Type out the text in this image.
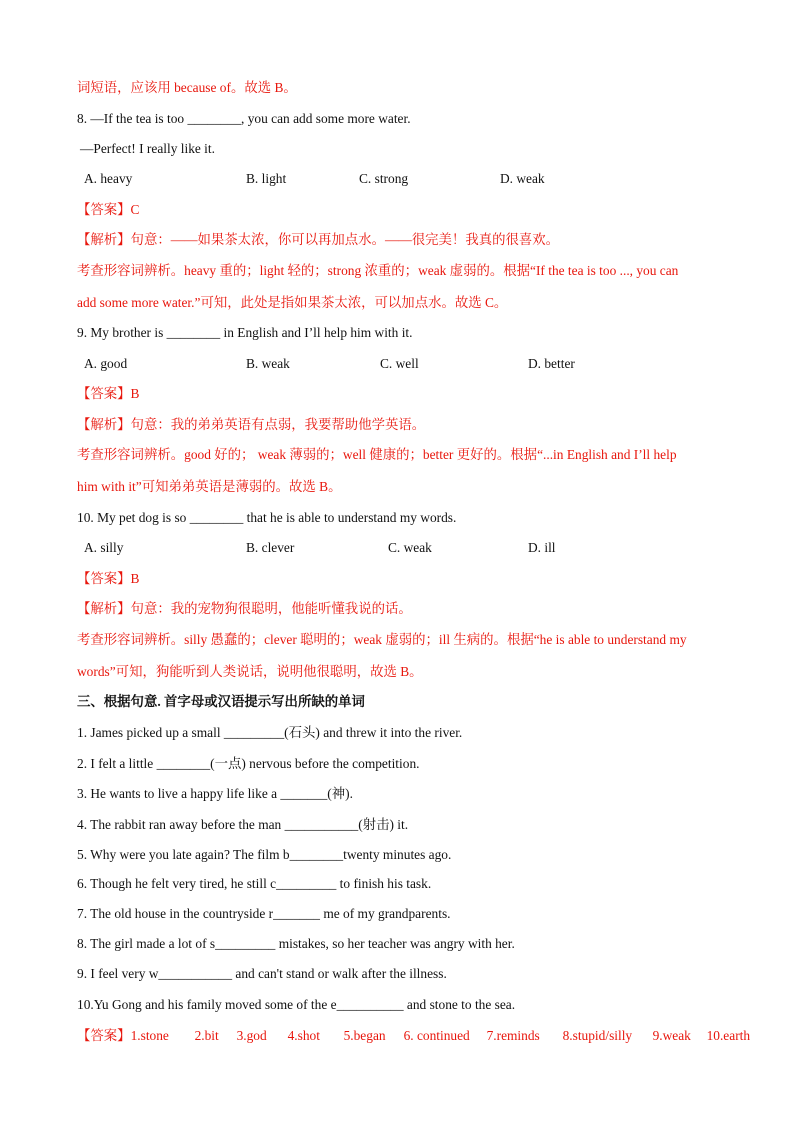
词短语，应该用 because of。故选 B。
8. —If the tea is too ________, you can add some more water.
—Perfect! I really like it.
A. heavy	B. light	C. strong	D. weak
【答案】C
【解析】句意：——如果茶太浓，你可以再加点水。——很完美！我真的很喜欢。
考查形容词辨析。heavy 重的；light 轻的；strong 浓重的；weak 虚弱的。根据“If the tea is too ..., you can
add some more water.”可知，此处是指如果茶太浓，可以加点水。故选 C。
9. My brother is ________ in English and I’ll help him with it.
A. good	B. weak	C. well	D. better
【答案】B
【解析】句意：我的弟弟英语有点弱，我要帮助他学英语。
考查形容词辨析。good 好的； weak 薄弱的；well 健康的；better 更好的。根据“...in English and I’ll help
him with it”可知弟弟英语是薄弱的。故选 B。
10. My pet dog is so ________ that he is able to understand my words.
A. silly	B. clever	C. weak	D. ill
【答案】B
【解析】句意：我的宠物狗很聪明，他能听懂我说的话。
考查形容词辨析。silly 愚蠢的；clever 聪明的；weak 虚弱的；ill 生病的。根据“he is able to understand my
words”可知，狗能听到人类说话，说明他很聪明，故选 B。
三、根据句意. 首字母或汉语提示写出所缺的单词
1. James picked up a small _________(石头) and threw it into the river.
2. I felt a little ________(一点) nervous before the competition.
3. He wants to live a happy life like a _______(神).
4. The rabbit ran away before the man ___________(射击) it.
5. Why were you late again? The film b________twenty minutes ago.
6. Though he felt very tired, he still c_________ to finish his task.
7. The old house in the countryside r_______ me of my grandparents.
8. The girl made a lot of s_________ mistakes, so her teacher was angry with her.
9. I feel very w___________ and can't stand or walk after the illness.
10.Yu Gong and his family moved some of the e__________ and stone to the sea.
【答案】1.stone 2.bit 3.god 4.shot 5.began 6. continued 7.reminds 8.stupid/silly 9.weak 10.earth
